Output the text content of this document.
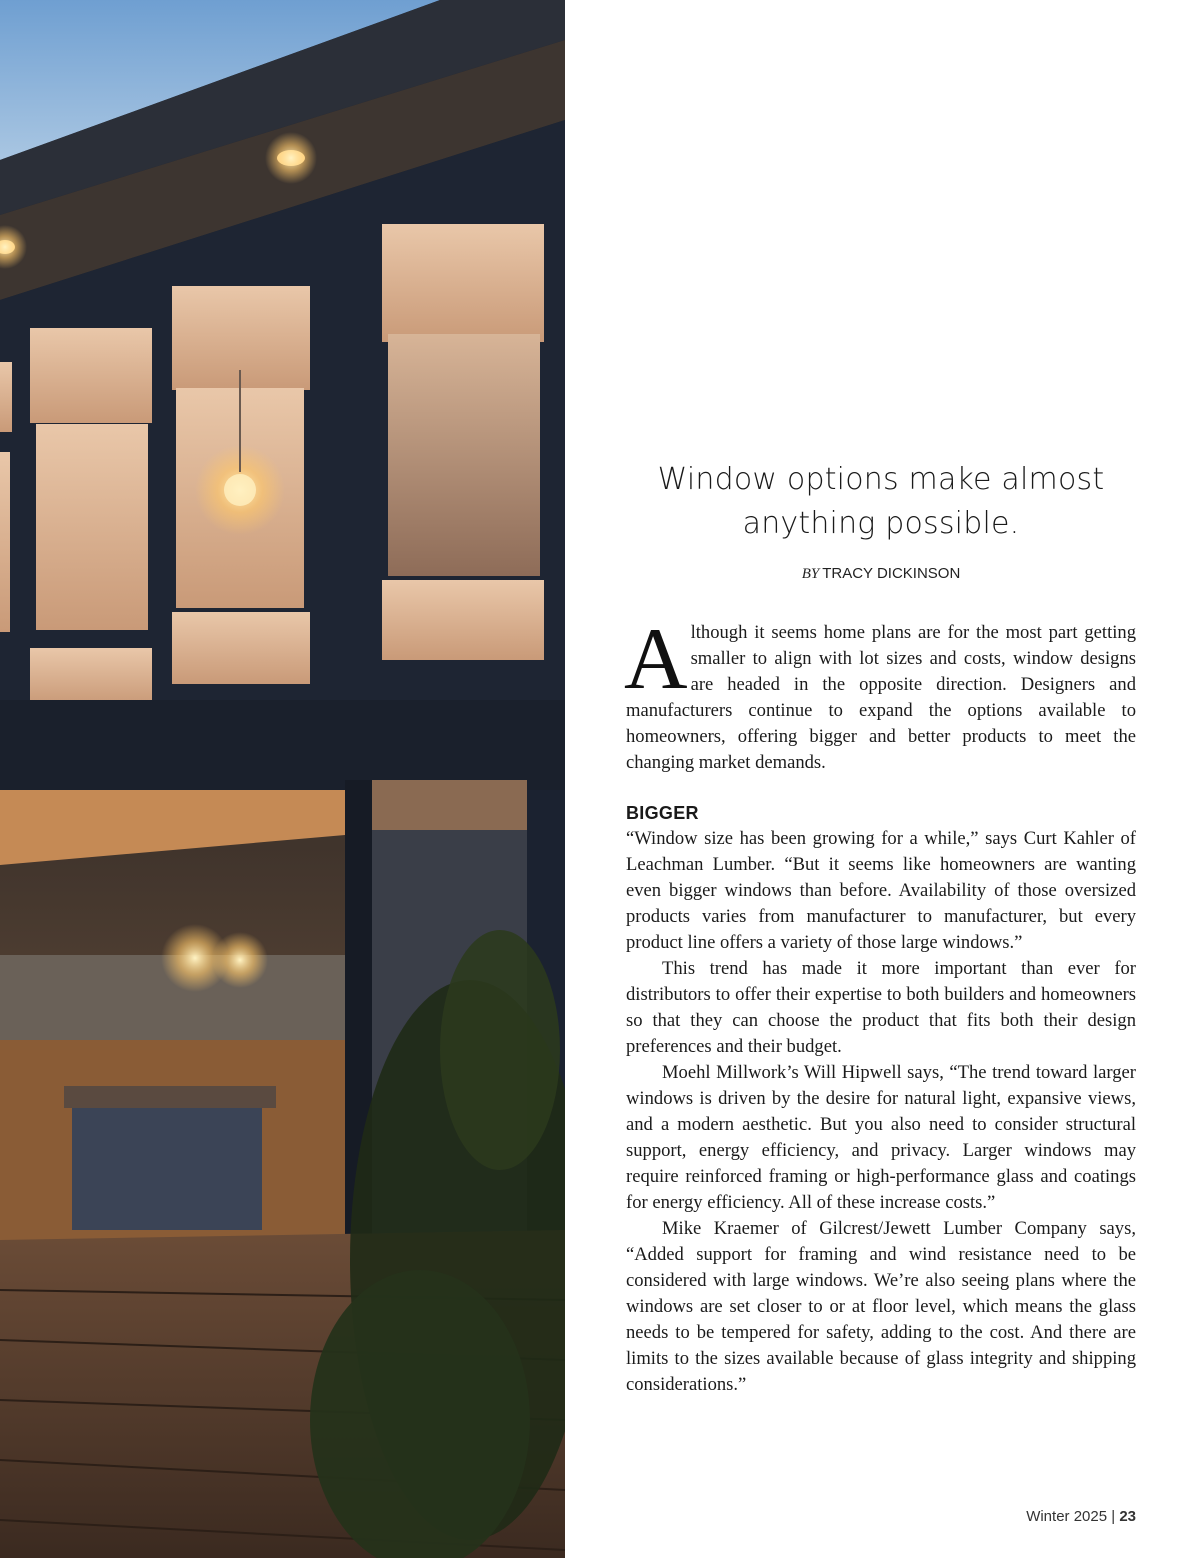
Window options make almost anything possible.
BY TRACY DICKINSON

Although it seems home plans are for the most part getting smaller to align with lot sizes and costs, window designs are headed in the opposite direction. Designers and manufacturers continue to expand the options available to homeowners, offering bigger and better products to meet the changing market demands.

BIGGER

“Window size has been growing for a while,” says Curt Kahler of Leachman Lumber. “But it seems like homeowners are wanting even bigger windows than before. Availability of those oversized products varies from manufacturer to manufacturer, but every product line offers a variety of those large windows.”

This trend has made it more important than ever for distributors to offer their expertise to both builders and homeowners so that they can choose the product that fits both their design preferences and their budget.

Moehl Millwork’s Will Hipwell says, “The trend toward larger windows is driven by the desire for natural light, expansive views, and a modern aesthetic. But you also need to consider structural support, energy efficiency, and privacy. Larger windows may require reinforced framing or high-performance glass and coatings for energy efficiency. All of these increase costs.”

Mike Kraemer of Gilcrest/Jewett Lumber Company says, “Added support for framing and wind resistance need to be considered with large windows. We’re also seeing plans where the windows are set closer to or at floor level, which means the glass needs to be tempered for safety, adding to the cost. And there are limits to the sizes available because of glass integrity and shipping considerations.”

Winter 2025 | 23
